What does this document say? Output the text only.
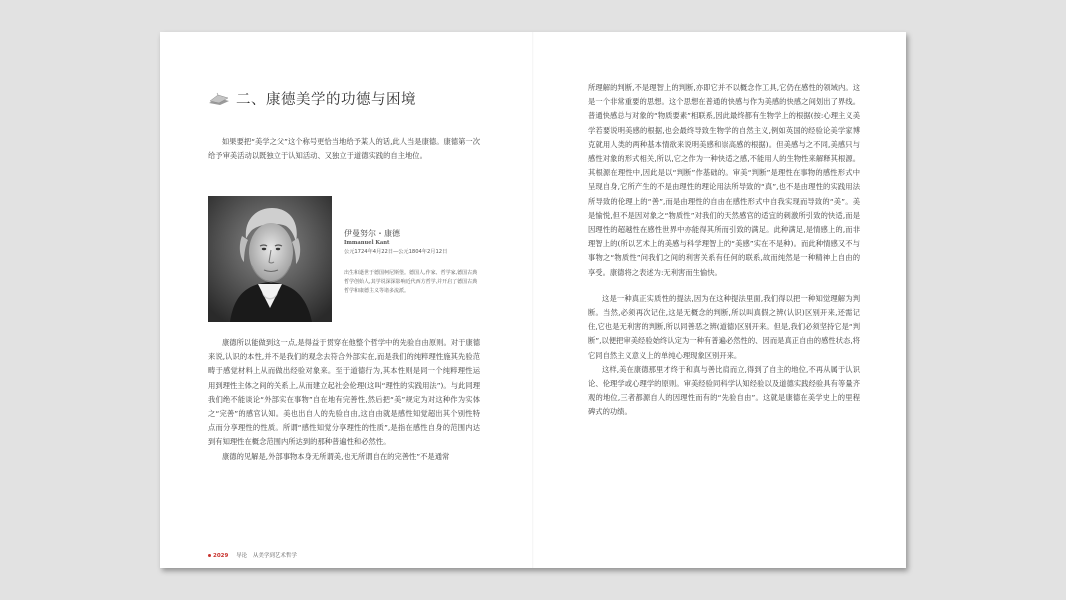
二、康德美学的功德与困境

如果要把“美学之父”这个称号更恰当地给予某人的话,此人当是康德。康德第一次给予审美活动以既独立于认知活动、又独立于道德实践的自主地位。

伊曼努尔・康德
Immanuel Kant
公元1724年4月22日—公元1804年2月12日
出生和逝世于德国柯尼斯堡。德国人,作家、哲学家,德国古典哲学创始人,其学说深深影响近代西方哲学,并开启了德国古典哲学和康德主义等诸多流派。

康德所以能做到这一点,是得益于贯穿在他整个哲学中的先验自由原则。对于康德来说,认识的本性,并不是我们的观念去符合外部实在,而是我们的纯粹理性施其先验范畴于感觉材料上从而做出经验对象来。至于道德行为,其本性则是同一个纯粹理性运用到理性主体之间的关系上,从而建立起社会伦理(这叫“理性的实践用法”)。与此同理我们绝不能谈论“外部实在事物”自在地有完善性,然后把“美”规定为对这种作为实体之“完善”的感官认知。美也出自人的先验自由,这自由就是感性知觉超出其个别性特点而分享理性的性质。所谓“感性知觉分享理性的性质”,是指在感性自身的范围内达到有知理性在概念范围内所达到的那种普遍性和必然性。

康德的见解是,外部事物本身无所谓美,也无所谓自在的完善性”不是通常

2029 导论 从美学到艺术哲学

所理解的判断,不是理智上的判断,亦即它并不以概念作工具,它仍在感性的领域内。这是一个非常重要的思想。这个思想在普通的快感与作为美感的快感之间划出了界线。普通快感总与对象的“物质要素”相联系,因此最终都有生物学上的根据(按:心理主义美学若要说明美感的根据,也会最终导致生物学的自然主义,例如英国的经验论美学家博克就用人类的两种基本情欲来说明美感和崇高感的根据)。但美感与之不同,美感只与感性对象的形式相关,所以,它之作为一种快适之感,不能用人的生物性来解释其根源。其根源在理性中,因此是以“判断”作基础的。审美“判断”是理性在事物的感性形式中呈现自身,它所产生的不是由理性的理论用法所导致的“真”,也不是由理性的实践用法所导致的伦理上的“善”,而是由理性的自由在感性形式中自我实现而导致的“美”。美是愉悦,但不是因对象之“物质性”对我们的天然感官的适宜的刺激所引致的快适,而是因理性的超越性在感性世界中亦能得其所而引致的满足。此种满足,是情感上的,而非理智上的(所以艺术上的美感与科学理智上的“美感”实在不是种)。而此种情感又不与事物之“物质性”问我们之间的利害关系有任何的联系,故而纯然是一种精神上自由的享受。康德将之表述为:无利害而生愉快。

这是一种真正实质性的提法,因为在这种提法里面,我们得以把一种知觉理解为判断。当然,必须再次记住,这是无概念的判断,所以叫真假之辨(认识)区别开来,还需记住,它也是无利害的判断,所以同善恶之辨(道德)区别开来。但是,我们必须坚持它是“判断”,以便把审美经验始终认定为一种有普遍必然性的、因而是真正自由的感性状态,将它同自然主义意义上的单纯心理现象区别开来。

这样,美在康德那里才终于和真与善比肩而立,得到了自主的地位,不再从属于认识论、伦理学或心理学的原则。审美经验同科学认知经验以及道德实践经验具有等量齐观的地位,三者都源自人的因理性而有的“先验自由”。这就是康德在美学史上的里程碑式的功绩。
